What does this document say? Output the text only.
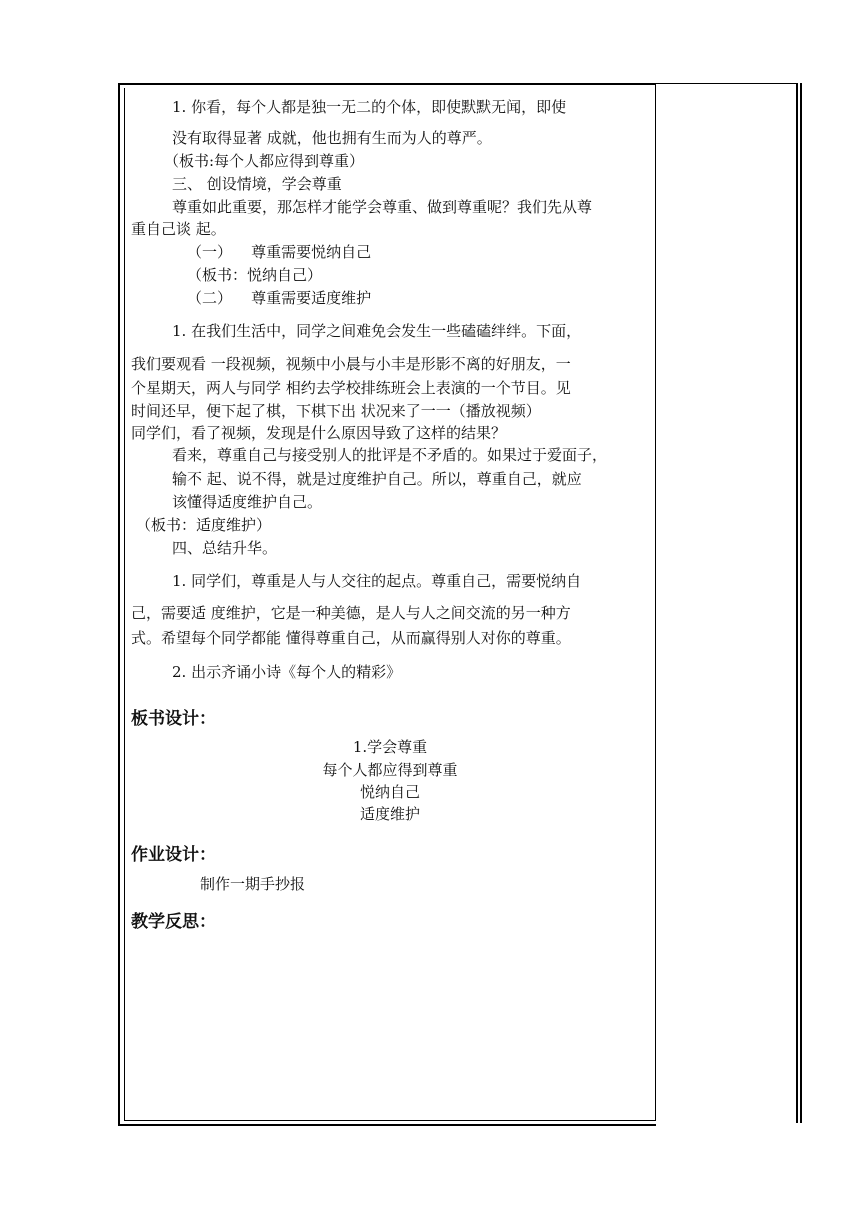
1. 你看，每个人都是独一无二的个体，即使默默无闻，即使
没有取得显著 成就，他也拥有生而为人的尊严。
（板书:每个人都应得到尊重）
三、 创设情境，学会尊重
尊重如此重要，那怎样才能学会尊重、做到尊重呢？我们先从尊
重自己谈 起。
（一）    尊重需要悦纳自己
（板书：悦纳自己）
（二）    尊重需要适度维护
1. 在我们生活中，同学之间难免会发生一些磕磕绊绊。下面，
我们要观看 一段视频，视频中小晨与小丰是形影不离的好朋友，一
个星期天，两人与同学 相约去学校排练班会上表演的一个节目。见
时间还早，便下起了棋，下棋下出 状况来了一一（播放视频）
同学们，看了视频，发现是什么原因导致了这样的结果？
看来，尊重自己与接受别人的批评是不矛盾的。如果过于爱面子，
输不 起、说不得，就是过度维护自己。所以，尊重自己，就应
该懂得适度维护自己。
（板书：适度维护）
四、总结升华。
1. 同学们，尊重是人与人交往的起点。尊重自己，需要悦纳自
己，需要适 度维护，它是一种美德，是人与人之间交流的另一种方
式。希望每个同学都能 懂得尊重自己，从而赢得别人对你的尊重。
2. 出示齐诵小诗《每个人的精彩》
板书设计：
1.学会尊重
每个人都应得到尊重
悦纳自己
适度维护
作业设计：
制作一期手抄报
教学反思：
